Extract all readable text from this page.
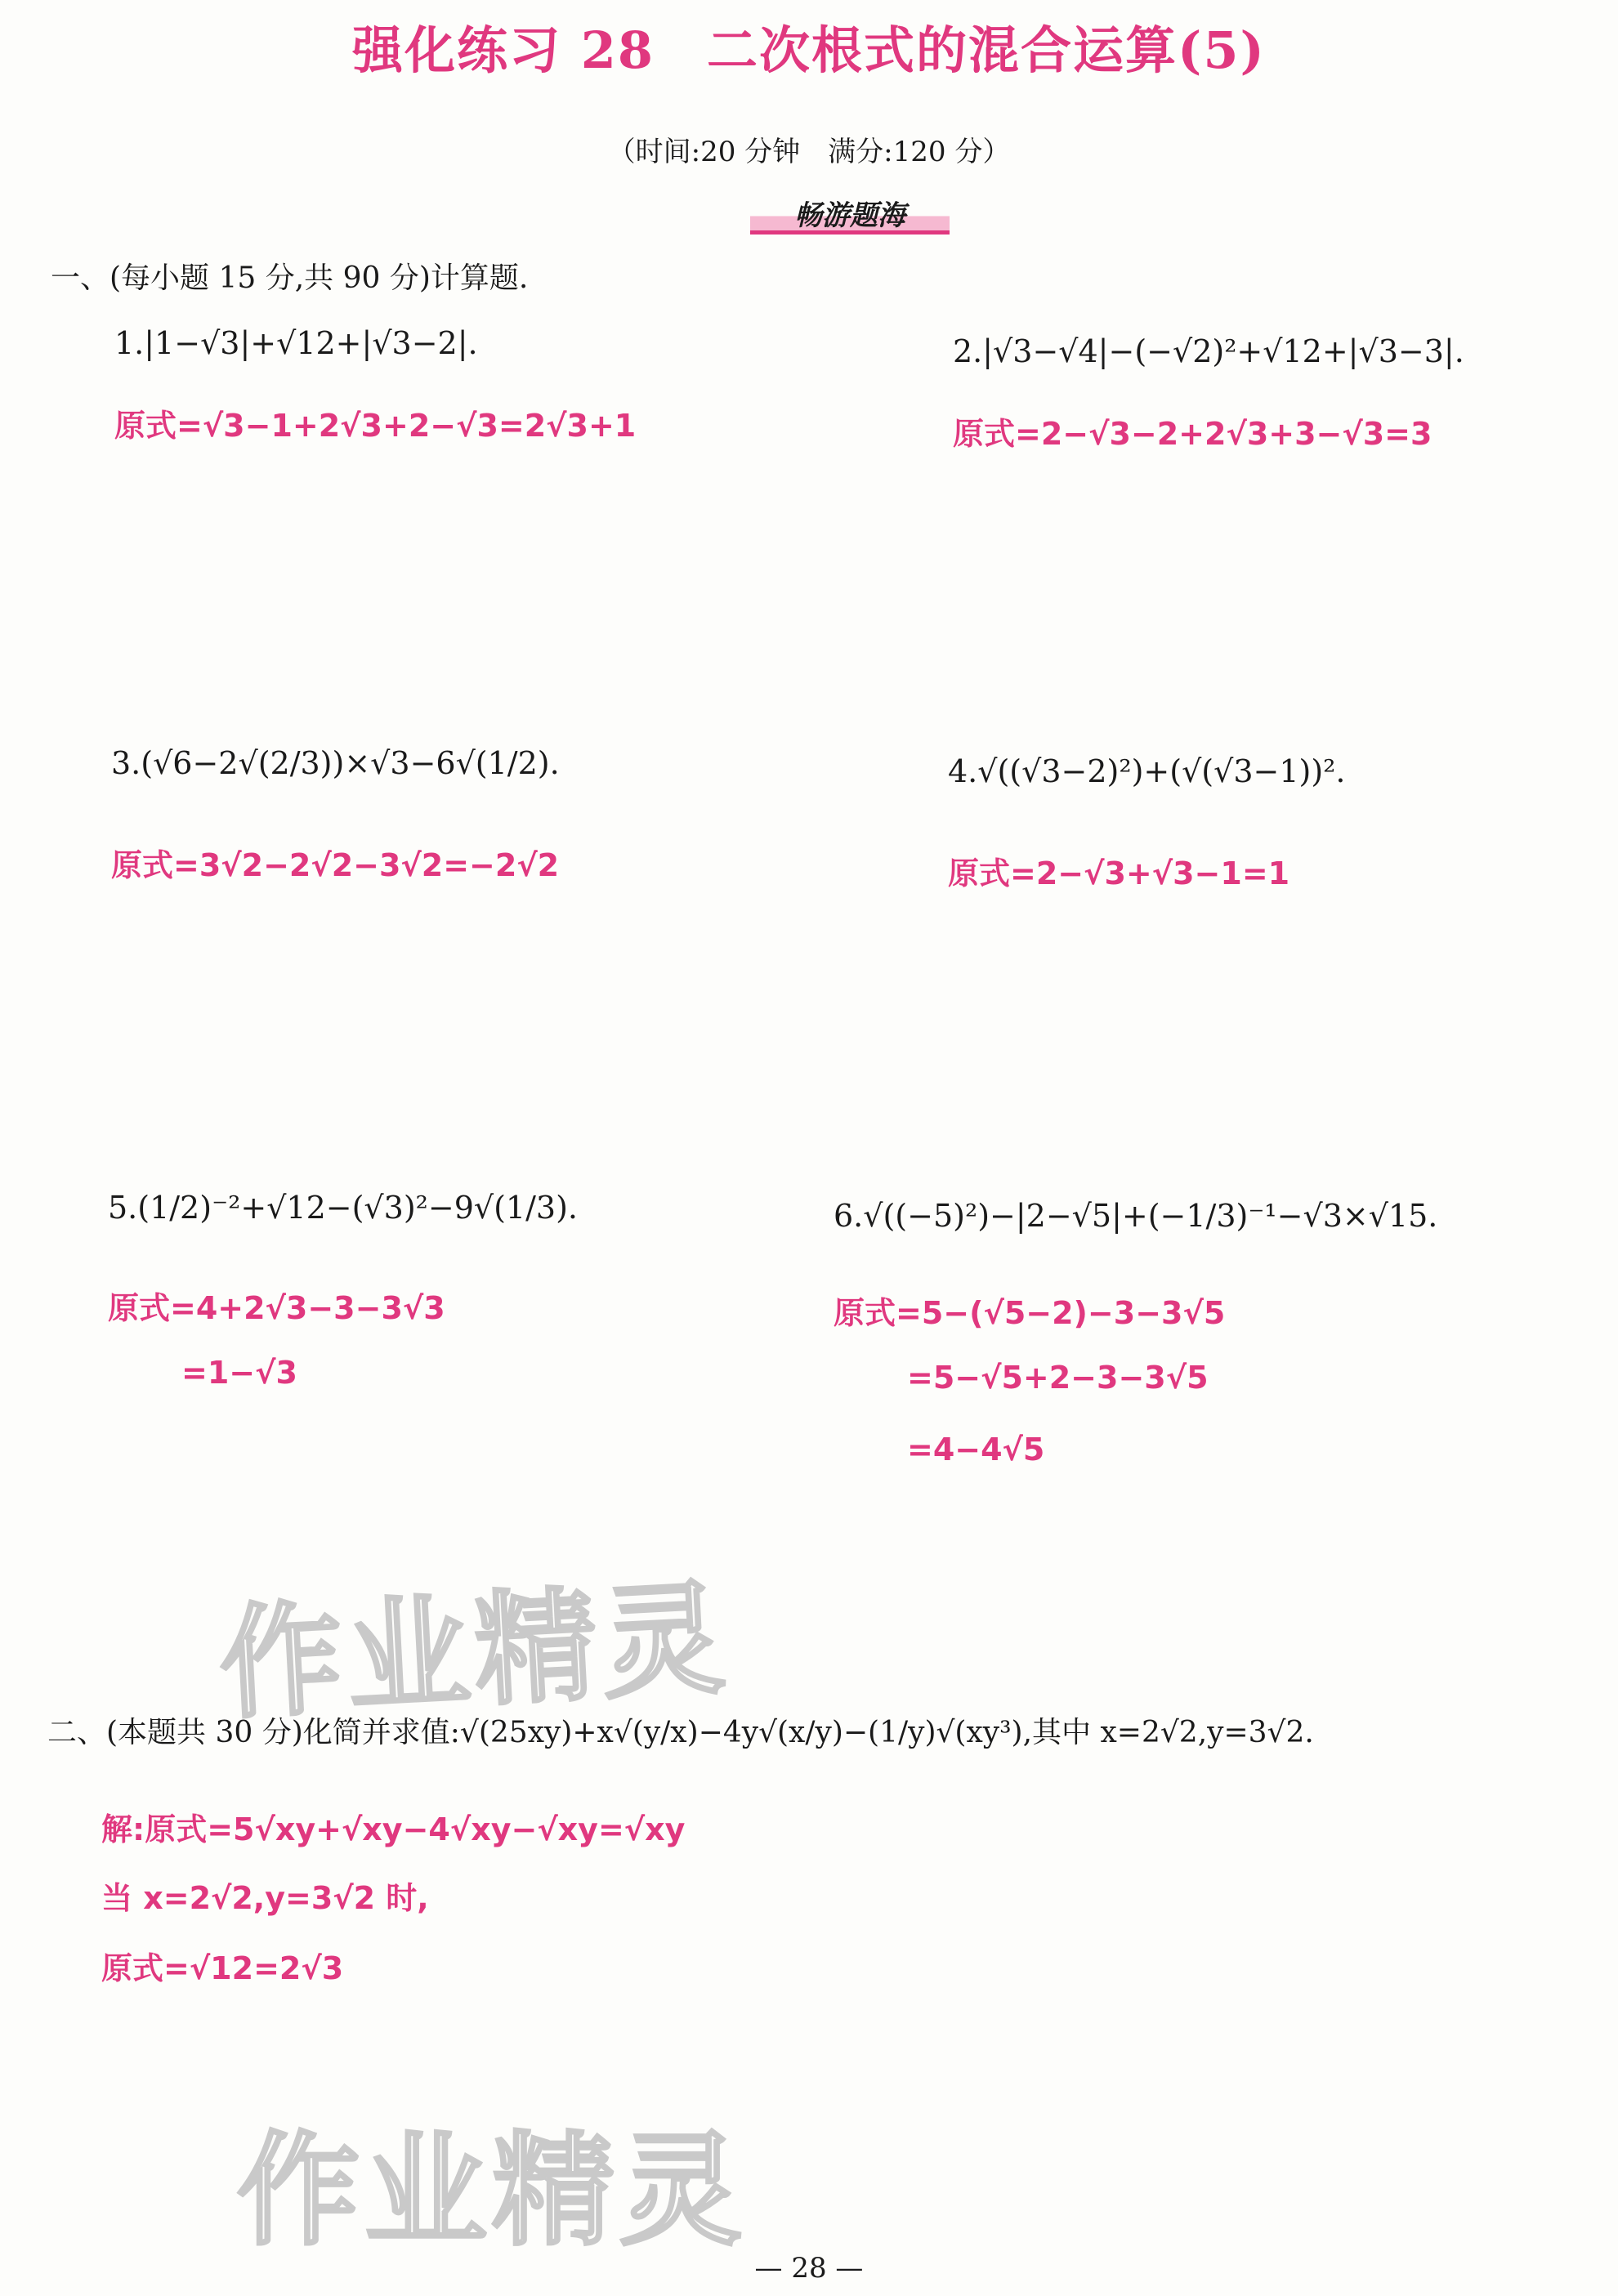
强化练习 28　二次根式的混合运算(5)
（时间:20 分钟　满分:120 分）
畅游题海
一、(每小题 15 分,共 90 分)计算题.
1.|1−√3|+√12+|√3−2|.
原式=√3−1+2√3+2−√3=2√3+1
2.|√3−√4|−(−√2)²+√12+|√3−3|.
原式=2−√3−2+2√3+3−√3=3
3.(√6−2√(2/3))×√3−6√(1/2).
原式=3√2−2√2−3√2=−2√2
4.√((√3−2)²)+(√(√3−1))².
原式=2−√3+√3−1=1
5.(1/2)⁻²+√12−(√3)²−9√(1/3).
原式=4+2√3−3−3√3
=1−√3
6.√((−5)²)−|2−√5|+(−1/3)⁻¹−√3×√15.
原式=5−(√5−2)−3−3√5
=5−√5+2−3−3√5
=4−4√5
作业精灵
二、(本题共 30 分)化简并求值:√(25xy)+x√(y/x)−4y√(x/y)−(1/y)√(xy³),其中 x=2√2,y=3√2.
解:原式=5√xy+√xy−4√xy−√xy=√xy
当 x=2√2,y=3√2 时,
原式=√12=2√3
作业精灵
— 28 —
